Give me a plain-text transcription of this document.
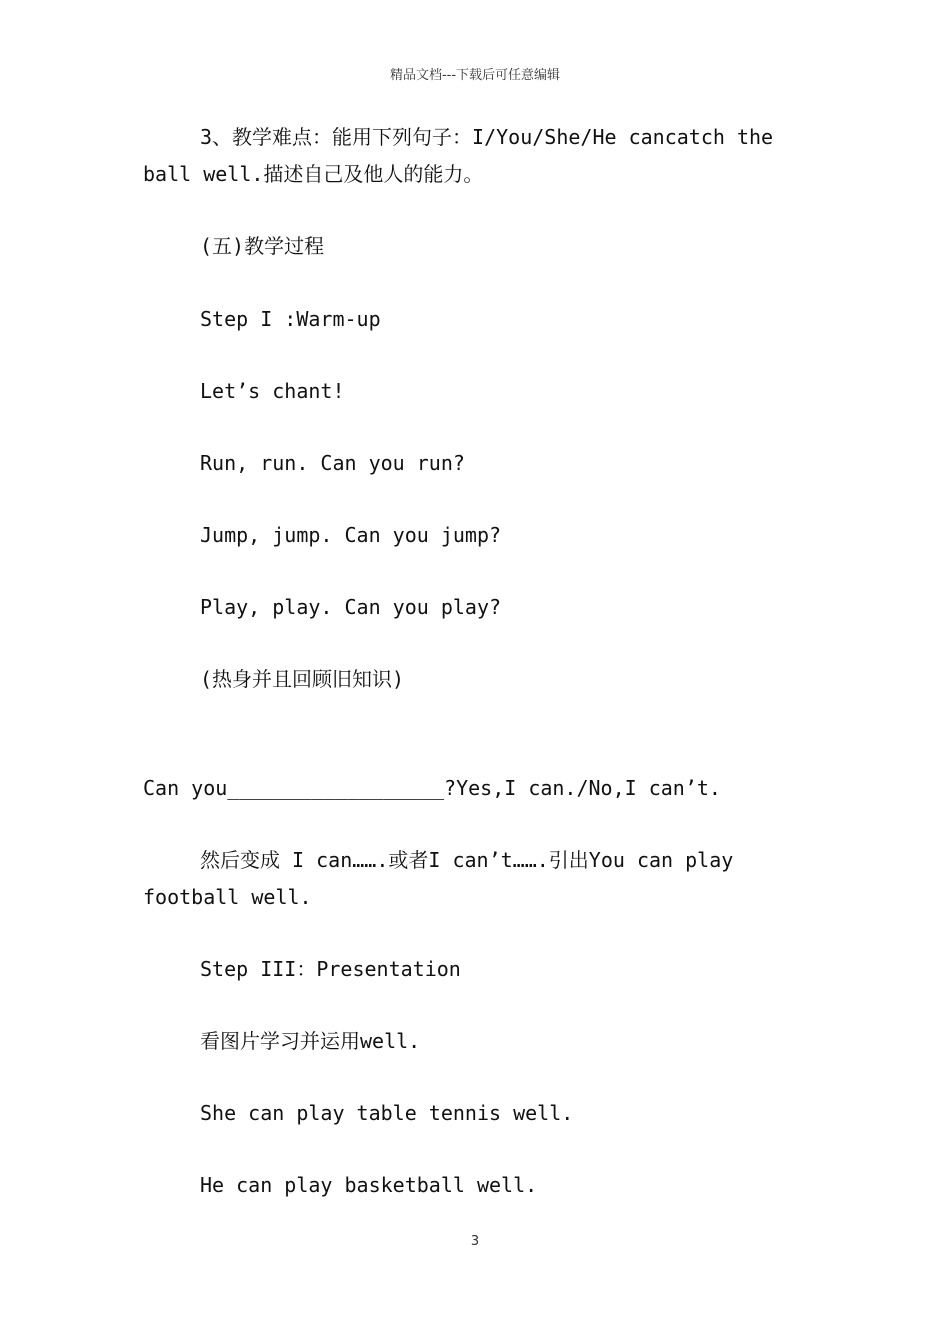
精品文档---下载后可任意编辑
3、教学难点：能用下列句子：I/You/She/He cancatch the
ball well.描述自己及他人的能力。
(五)教学过程
Step I :Warm-up
Let’s chant!
Run, run. Can you run?
Jump, jump. Can you jump?
Play, play. Can you play?
(热身并且回顾旧知识)
Can you__________________?Yes,I can./No,I can’t.
然后变成 I can…….或者I can’t…….引出You can play
football well.
Step III：Presentation
看图片学习并运用well.
She can play table tennis well.
He can play basketball well.
3
